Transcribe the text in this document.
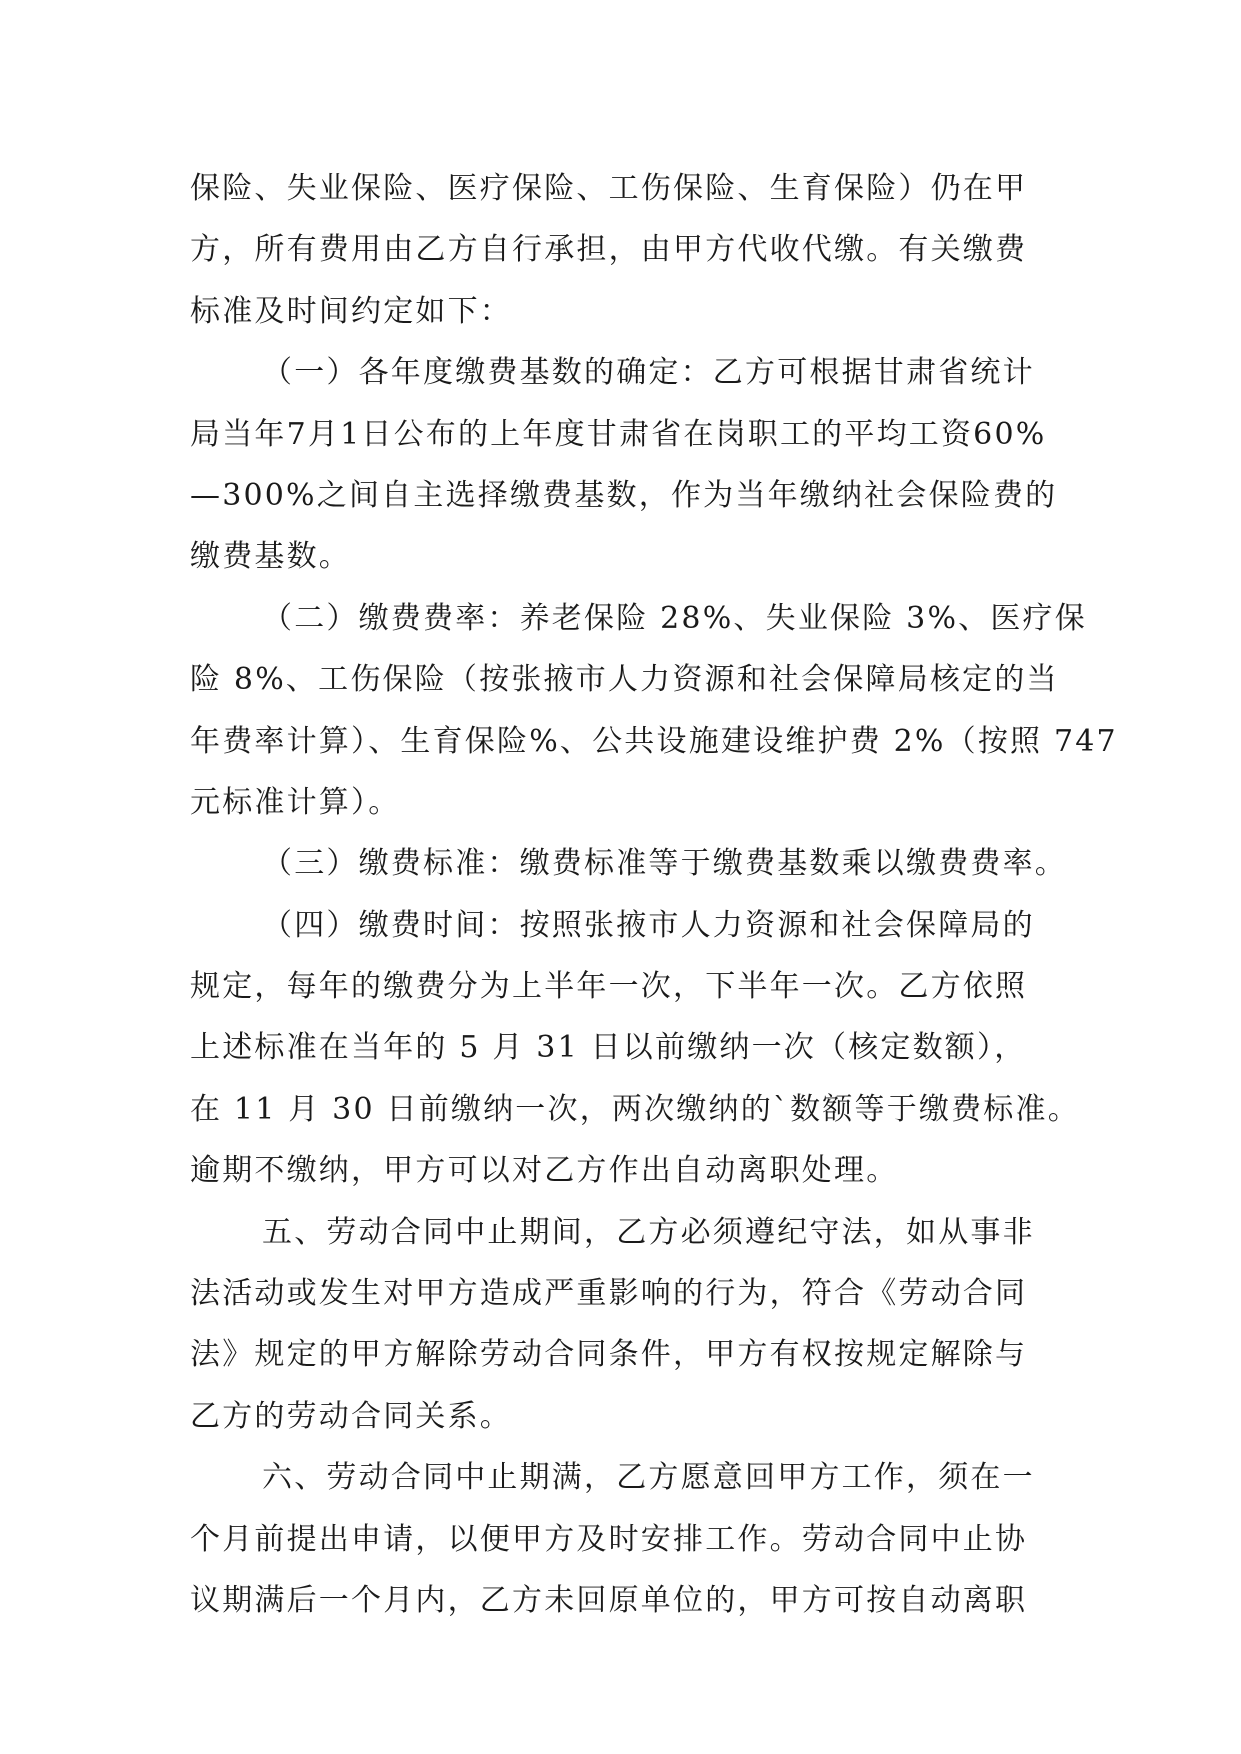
保险、失业保险、医疗保险、工伤保险、生育保险）仍在甲
方，所有费用由乙方自行承担，由甲方代收代缴。有关缴费
标准及时间约定如下：
（一）各年度缴费基数的确定：乙方可根据甘肃省统计
局当年7月1日公布的上年度甘肃省在岗职工的平均工资60%
—300%之间自主选择缴费基数，作为当年缴纳社会保险费的
缴费基数。
（二）缴费费率：养老保险 28%、失业保险 3%、医疗保
险 8%、工伤保险（按张掖市人力资源和社会保障局核定的当
年费率计算）、生育保险%、公共设施建设维护费 2%（按照 747
元标准计算）。
（三）缴费标准：缴费标准等于缴费基数乘以缴费费率。
（四）缴费时间：按照张掖市人力资源和社会保障局的
规定，每年的缴费分为上半年一次，下半年一次。乙方依照
上述标准在当年的 5 月 31 日以前缴纳一次（核定数额），
在 11 月 30 日前缴纳一次，两次缴纳的`数额等于缴费标准。
逾期不缴纳，甲方可以对乙方作出自动离职处理。
五、劳动合同中止期间，乙方必须遵纪守法，如从事非
法活动或发生对甲方造成严重影响的行为，符合《劳动合同
法》规定的甲方解除劳动合同条件，甲方有权按规定解除与
乙方的劳动合同关系。
六、劳动合同中止期满，乙方愿意回甲方工作，须在一
个月前提出申请，以便甲方及时安排工作。劳动合同中止协
议期满后一个月内，乙方未回原单位的，甲方可按自动离职
